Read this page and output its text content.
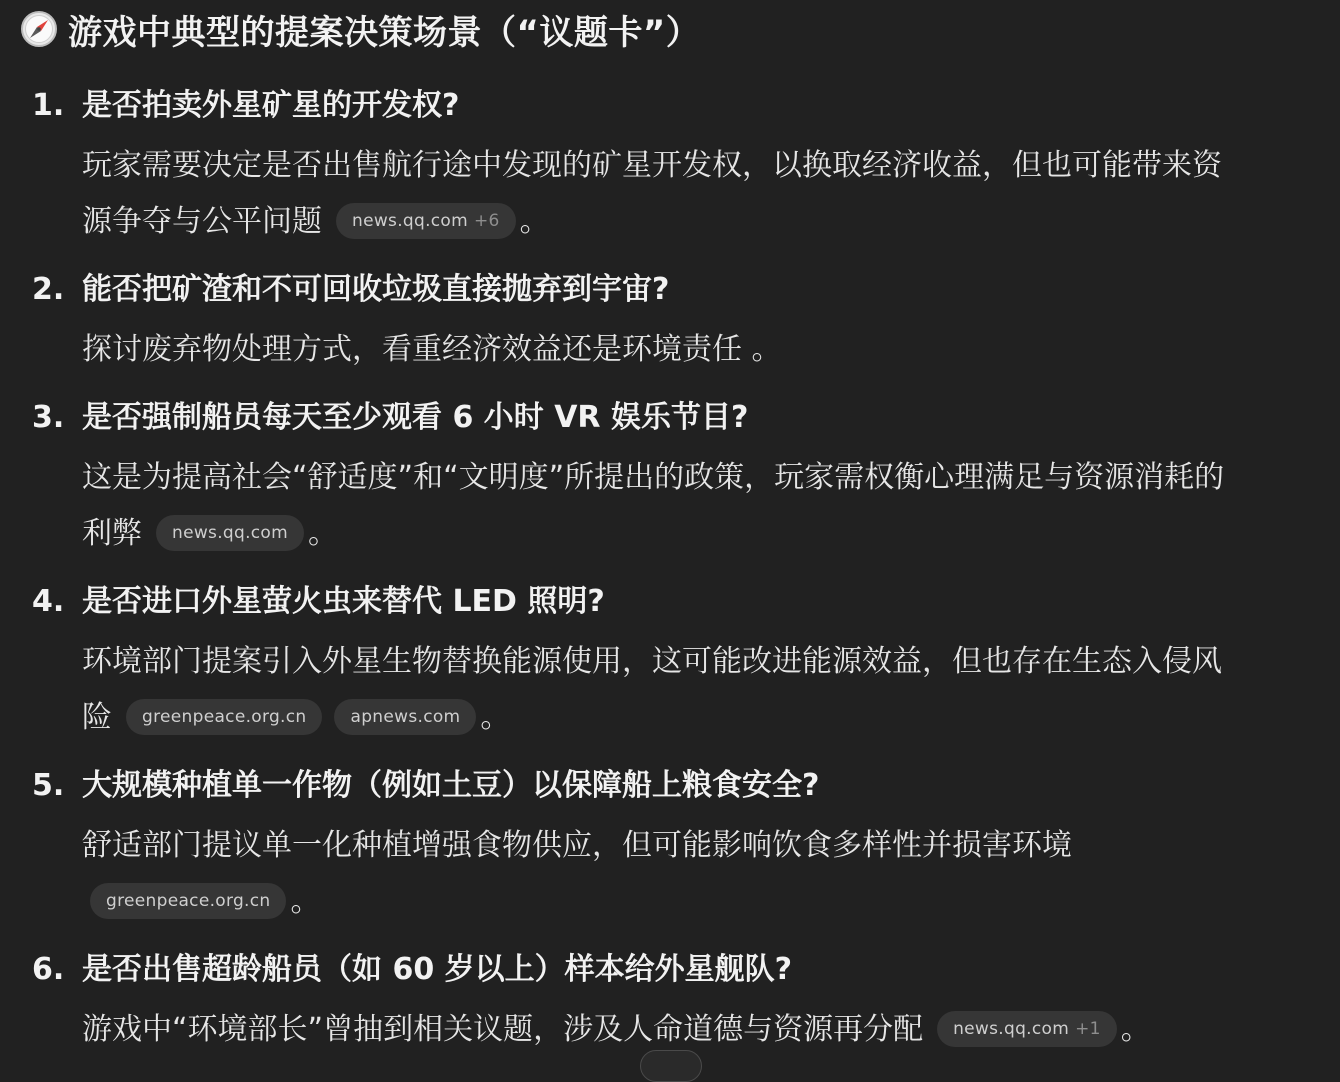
游戏中典型的提案决策场景（“议题卡”）
1. 是否拍卖外星矿星的开发权?
玩家需要决定是否出售航行途中发现的矿星开发权，以换取经济收益，但也可能带来资
源争夺与公平问题 news.qq.com +6 。
2. 能否把矿渣和不可回收垃圾直接抛弃到宇宙?
探讨废弃物处理方式，看重经济效益还是环境责任 。
3. 是否强制船员每天至少观看 6 小时 VR 娱乐节目?
这是为提高社会“舒适度”和“文明度”所提出的政策，玩家需权衡心理满足与资源消耗的
利弊 news.qq.com 。
4. 是否进口外星萤火虫来替代 LED 照明?
环境部门提案引入外星生物替换能源使用，这可能改进能源效益，但也存在生态入侵风
险 greenpeace.org.cn	apnews.com 。
5. 大规模种植单一作物（例如土豆）以保障船上粮食安全?
舒适部门提议单一化种植增强食物供应，但可能影响饮食多样性并损害环境
greenpeace.org.cn 。
6. 是否出售超龄船员（如 60 岁以上）样本给外星舰队?
游戏中“环境部长”曾抽到相关议题，涉及人命道德与资源再分配 news.qq.com +1 。
